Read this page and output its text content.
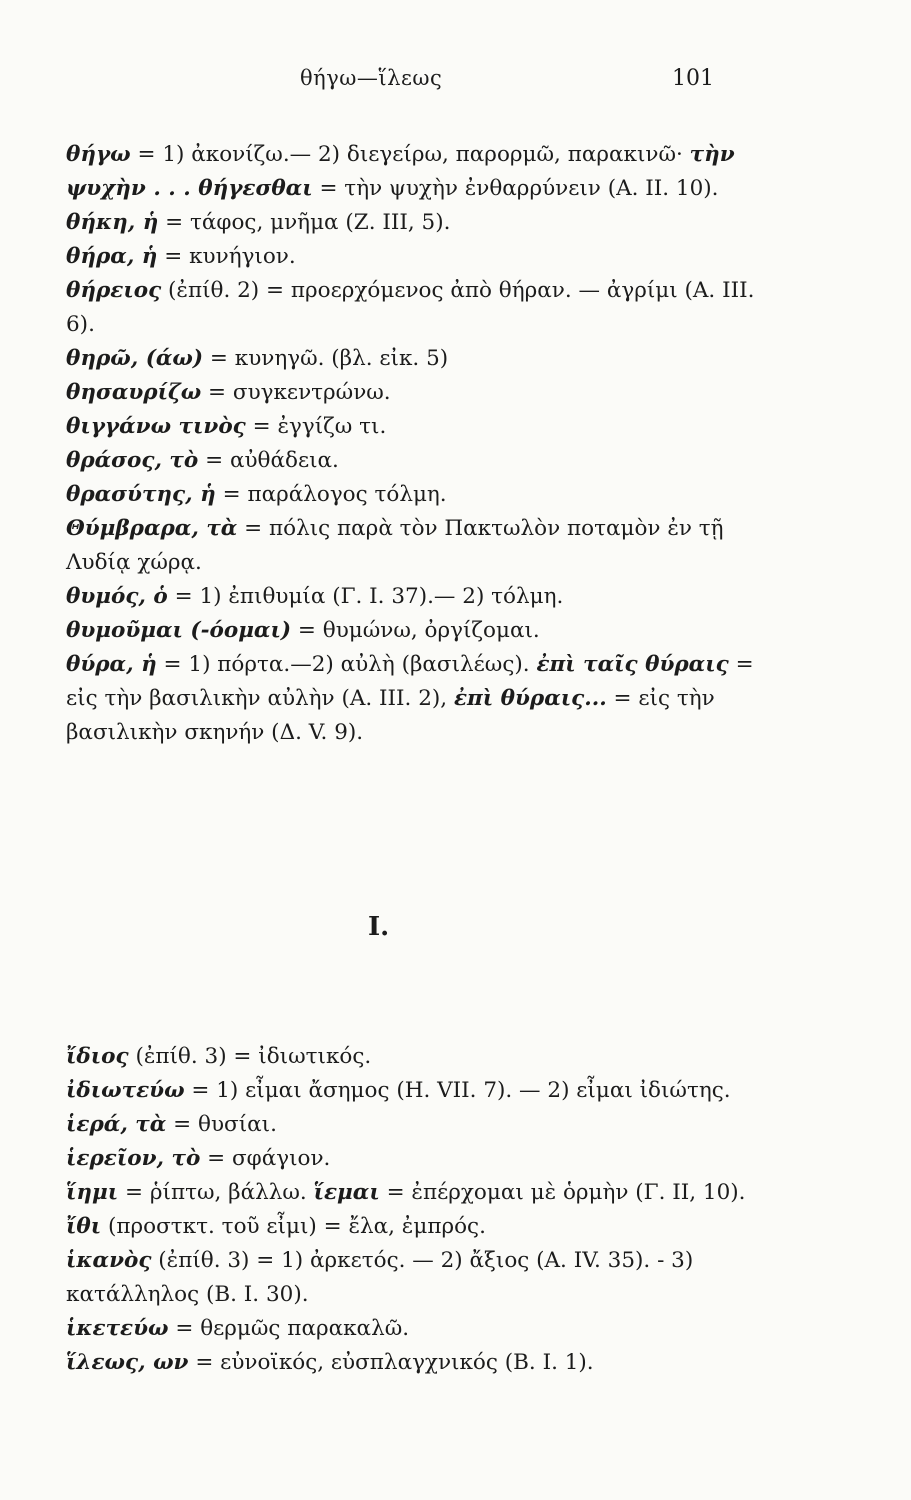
θήγω—ἵλεως	101

θήγω = 1) ἀκονίζω.— 2) διεγείρω, παρορμῶ, παρακινῶ· τὴν ψυχὴν . . . θήγεσθαι = τὴν ψυχὴν ἐνθαρρύνειν (Α. ΙΙ. 10).

θήκη, ἡ = τάφος, μνῆμα (Ζ. ΙΙΙ, 5).

θήρα, ἡ = κυνήγιον.

θήρειος (ἐπίθ. 2) = προερχόμενος ἀπὸ θήραν. — ἀγρίμι (Α. ΙΙΙ. 6).

θηρῶ, (άω) = κυνηγῶ. (βλ. εἰκ. 5)

θησαυρίζω = συγκεντρώνω.

θιγγάνω τινὸς = ἐγγίζω τι.

θράσος, τὸ = αὐθάδεια.

θρασύτης, ἡ = παράλογος τόλμη.

Θύμβραρα, τὰ = πόλις παρὰ τὸν Πακτωλὸν ποταμὸν ἐν τῇ Λυδίᾳ χώρᾳ.

θυμός, ὁ = 1) ἐπιθυμία (Γ. Ι. 37).— 2) τόλμη.

θυμοῦμαι (-όομαι) = θυμώνω, ὀργίζομαι.

θύρα, ἡ = 1) πόρτα.—2) αὐλὴ (βασιλέως). ἐπὶ ταῖς θύραις = εἰς τὴν βασιλικὴν αὐλὴν (Α. ΙΙΙ. 2), ἐπὶ θύραις... = εἰς τὴν βασιλικὴν σκηνήν (Δ. V. 9).

Ι.

ἴδιος (ἐπίθ. 3) = ἰδιωτικός.

ἰδιωτεύω = 1) εἶμαι ἄσημος (Η. VII. 7). — 2) εἶμαι ἰδιώτης.

ἱερά, τὰ = θυσίαι.

ἱερεῖον, τὸ = σφάγιον.

ἵημι = ῥίπτω, βάλλω. ἵεμαι = ἐπέρχομαι μὲ ὁρμὴν (Γ. ΙΙ, 10).

ἴθι (προστκτ. τοῦ εἶμι) = ἔλα, ἐμπρός.

ἱκανὸς (ἐπίθ. 3) = 1) ἀρκετός. — 2) ἄξιος (Α. IV. 35). - 3) κατάλληλος (Β. Ι. 30).

ἱκετεύω = θερμῶς παρακαλῶ.

ἵλεως, ων = εὐνοϊκός, εὐσπλαγχνικός (Β. Ι. 1).
